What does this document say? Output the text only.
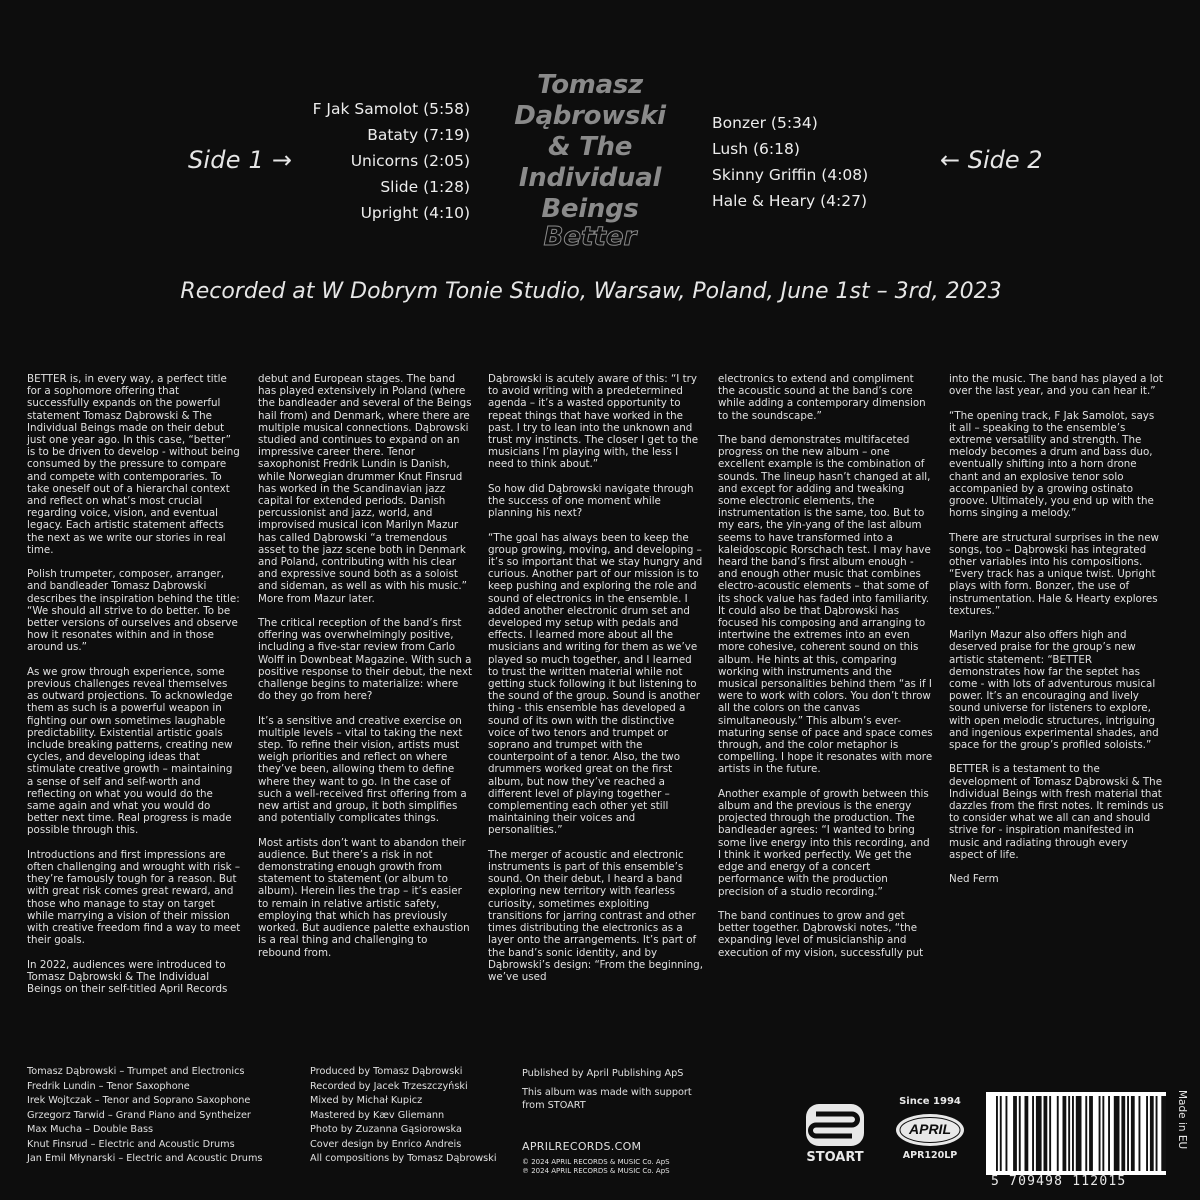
Side 1 →
F Jak Samolot (5:58)
Bataty (7:19)
Unicorns (2:05)
Slide (1:28)
Upright (4:10)
Tomasz
Dąbrowski
& The
Individual
Beings
Better
Bonzer (5:34)
Lush (6:18)
Skinny Griffin (4:08)
Hale & Heary (4:27)
← Side 2
Recorded at W Dobrym Tonie Studio, Warsaw, Poland, June 1st – 3rd, 2023

BETTER is, in every way, a perfect title for a sophomore offering that successfully expands on the powerful statement Tomasz Dąbrowski & The Individual Beings made on their debut just one year ago. In this case, “better” is to be driven to develop - without being consumed by the pressure to compare and compete with contemporaries. To take oneself out of a hierarchal context and reflect on what’s most crucial regarding voice, vision, and eventual legacy. Each artistic statement affects the next as we write our stories in real time.

Polish trumpeter, composer, arranger, and bandleader Tomasz Dąbrowski describes the inspiration behind the title: “We should all strive to do better. To be better versions of ourselves and observe how it resonates within and in those around us.”

As we grow through experience, some previous challenges reveal themselves as outward projections. To acknowledge them as such is a powerful weapon in fighting our own sometimes laughable predictability. Existential artistic goals include breaking patterns, creating new cycles, and developing ideas that stimulate creative growth – maintaining a sense of self and self-worth and reflecting on what you would do the same again and what you would do better next time. Real progress is made possible through this.

Introductions and first impressions are often challenging and wrought with risk – they’re famously tough for a reason. But with great risk comes great reward, and those who manage to stay on target while marrying a vision of their mission with creative freedom find a way to meet their goals.

In 2022, audiences were introduced to Tomasz Dąbrowski & The Individual Beings on their self-titled April Records

debut and European stages. The band has played extensively in Poland (where the bandleader and several of the Beings hail from) and Denmark, where there are multiple musical connections. Dąbrowski studied and continues to expand on an impressive career there. Tenor saxophonist Fredrik Lundin is Danish, while Norwegian drummer Knut Finsrud has worked in the Scandinavian jazz capital for extended periods. Danish percussionist and jazz, world, and improvised musical icon Marilyn Mazur has called Dąbrowski “a tremendous asset to the jazz scene both in Denmark and Poland, contributing with his clear and expressive sound both as a soloist and sideman, as well as with his music.” More from Mazur later.

The critical reception of the band’s first offering was overwhelmingly positive, including a five-star review from Carlo Wolff in Downbeat Magazine. With such a positive response to their debut, the next challenge begins to materialize: where do they go from here?

It’s a sensitive and creative exercise on multiple levels – vital to taking the next step. To refine their vision, artists must weigh priorities and reflect on where they’ve been, allowing them to define where they want to go. In the case of such a well-received first offering from a new artist and group, it both simplifies and potentially complicates things.

Most artists don’t want to abandon their audience. But there’s a risk in not demonstrating enough growth from statement to statement (or album to album). Herein lies the trap – it’s easier to remain in relative artistic safety, employing that which has previously worked. But audience palette exhaustion is a real thing and challenging to rebound from.

Dąbrowski is acutely aware of this: “I try to avoid writing with a predetermined agenda – it’s a wasted opportunity to repeat things that have worked in the past. I try to lean into the unknown and trust my instincts. The closer I get to the musicians I’m playing with, the less I need to think about.”

So how did Dąbrowski navigate through the success of one moment while planning his next?

“The goal has always been to keep the group growing, moving, and developing – it’s so important that we stay hungry and curious. Another part of our mission is to keep pushing and exploring the role and sound of electronics in the ensemble. I added another electronic drum set and developed my setup with pedals and effects. I learned more about all the musicians and writing for them as we’ve played so much together, and I learned to trust the written material while not getting stuck following it but listening to the sound of the group. Sound is another thing - this ensemble has developed a sound of its own with the distinctive voice of two tenors and trumpet or soprano and trumpet with the counterpoint of a tenor. Also, the two drummers worked great on the first album, but now they’ve reached a different level of playing together – complementing each other yet still maintaining their voices and personalities.”

The merger of acoustic and electronic instruments is part of this ensemble’s sound. On their debut, I heard a band exploring new territory with fearless curiosity, sometimes exploiting transitions for jarring contrast and other times distributing the electronics as a layer onto the arrangements. It’s part of the band’s sonic identity, and by Dąbrowski’s design: “From the beginning, we’ve used

electronics to extend and compliment the acoustic sound at the band’s core while adding a contemporary dimension to the soundscape.”

The band demonstrates multifaceted progress on the new album – one excellent example is the combination of sounds. The lineup hasn’t changed at all, and except for adding and tweaking some electronic elements, the instrumentation is the same, too. But to my ears, the yin-yang of the last album seems to have transformed into a kaleidoscopic Rorschach test. I may have heard the band’s first album enough - and enough other music that combines electro-acoustic elements – that some of its shock value has faded into familiarity. It could also be that Dąbrowski has focused his composing and arranging to intertwine the extremes into an even more cohesive, coherent sound on this album. He hints at this, comparing working with instruments and the musical personalities behind them “as if I were to work with colors. You don’t throw all the colors on the canvas simultaneously.” This album’s ever-maturing sense of pace and space comes through, and the color metaphor is compelling. I hope it resonates with more artists in the future.

Another example of growth between this album and the previous is the energy projected through the production. The bandleader agrees: “I wanted to bring some live energy into this recording, and I think it worked perfectly. We get the edge and energy of a concert performance with the production precision of a studio recording.”

The band continues to grow and get better together. Dąbrowski notes, “the expanding level of musicianship and execution of my vision, successfully put

into the music. The band has played a lot over the last year, and you can hear it.”

“The opening track, F Jak Samolot, says it all – speaking to the ensemble’s extreme versatility and strength. The melody becomes a drum and bass duo, eventually shifting into a horn drone chant and an explosive tenor solo accompanied by a growing ostinato groove. Ultimately, you end up with the horns singing a melody.”

There are structural surprises in the new songs, too – Dąbrowski has integrated other variables into his compositions. “Every track has a unique twist. Upright plays with form. Bonzer, the use of instrumentation. Hale & Hearty explores textures.”

Marilyn Mazur also offers high and deserved praise for the group’s new artistic statement: “BETTER demonstrates how far the septet has come - with lots of adventurous musical power. It’s an encouraging and lively sound universe for listeners to explore, with open melodic structures, intriguing and ingenious experimental shades, and space for the group’s profiled soloists.”

BETTER is a testament to the development of Tomasz Dąbrowski & The Individual Beings with fresh material that dazzles from the first notes. It reminds us to consider what we all can and should strive for - inspiration manifested in music and radiating through every aspect of life.

Ned Ferm

Tomasz Dąbrowski – Trumpet and Electronics
Fredrik Lundin – Tenor Saxophone
Irek Wojtczak – Tenor and Soprano Saxophone
Grzegorz Tarwid – Grand Piano and Syntheizer
Max Mucha – Double Bass
Knut Finsrud – Electric and Acoustic Drums
Jan Emil Młynarski – Electric and Acoustic Drums
Produced by Tomasz Dąbrowski
Recorded by Jacek Trzeszczyński
Mixed by Michał Kupicz
Mastered by Kæv Gliemann
Photo by Zuzanna Gąsiorowska
Cover design by Enrico Andreis
All compositions by Tomasz Dąbrowski
Published by April Publishing ApS
This album was made with support
from STOART
APRILRECORDS.COM
© 2024 APRIL RECORDS & MUSIC Co. ApS
℗ 2024 APRIL RECORDS & MUSIC Co. ApS
STOART
Since 1994
APRIL
APR120LP
5 709498 112015
Made in EU
